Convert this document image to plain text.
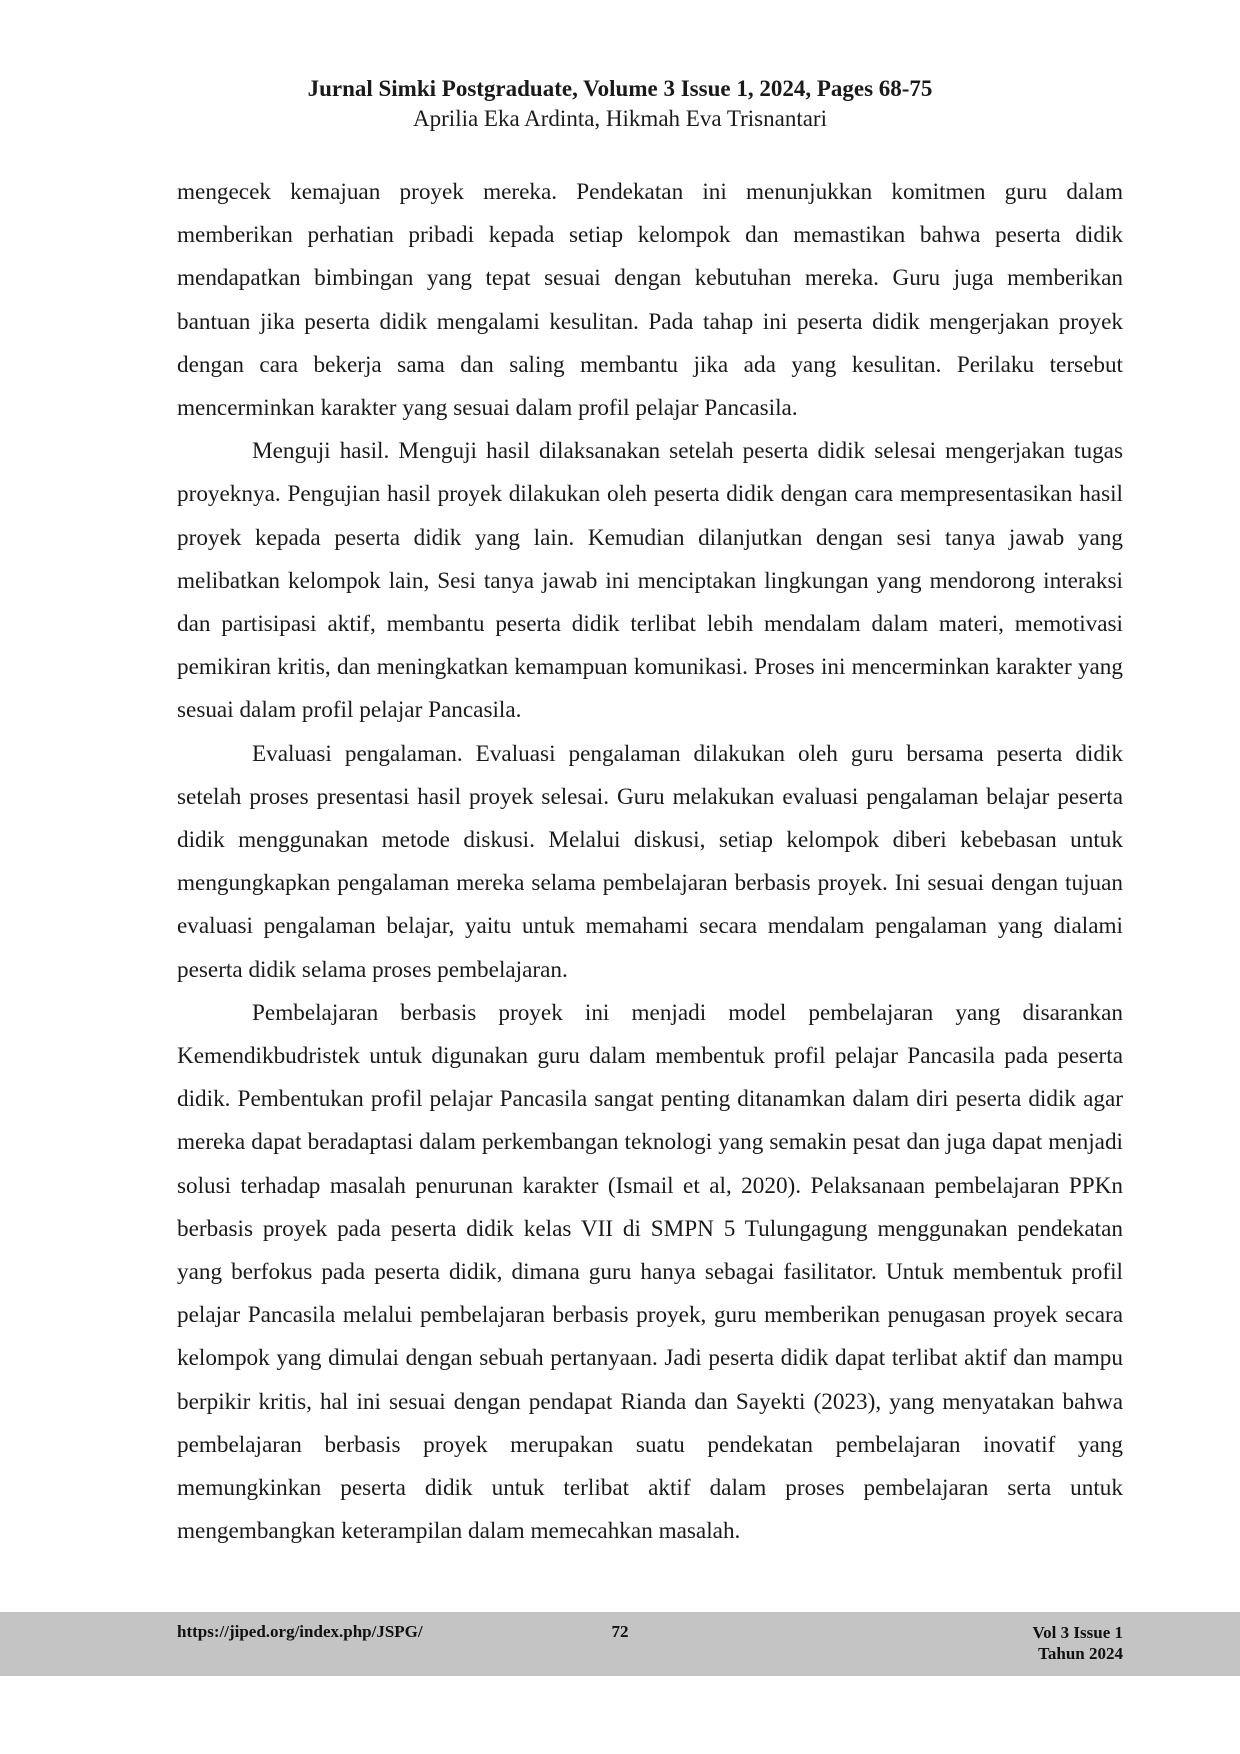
Jurnal Simki Postgraduate, Volume 3 Issue 1, 2024, Pages 68-75
Aprilia Eka Ardinta, Hikmah Eva Trisnantari

mengecek kemajuan proyek mereka. Pendekatan ini menunjukkan komitmen guru dalam memberikan perhatian pribadi kepada setiap kelompok dan memastikan bahwa peserta didik mendapatkan bimbingan yang tepat sesuai dengan kebutuhan mereka. Guru juga memberikan bantuan jika peserta didik mengalami kesulitan. Pada tahap ini peserta didik mengerjakan proyek dengan cara bekerja sama dan saling membantu jika ada yang kesulitan. Perilaku tersebut mencerminkan karakter yang sesuai dalam profil pelajar Pancasila.

Menguji hasil. Menguji hasil dilaksanakan setelah peserta didik selesai mengerjakan tugas proyeknya. Pengujian hasil proyek dilakukan oleh peserta didik dengan cara mempresentasikan hasil proyek kepada peserta didik yang lain. Kemudian dilanjutkan dengan sesi tanya jawab yang melibatkan kelompok lain, Sesi tanya jawab ini menciptakan lingkungan yang mendorong interaksi dan partisipasi aktif, membantu peserta didik terlibat lebih mendalam dalam materi, memotivasi pemikiran kritis, dan meningkatkan kemampuan komunikasi. Proses ini mencerminkan karakter yang sesuai dalam profil pelajar Pancasila.

Evaluasi pengalaman. Evaluasi pengalaman dilakukan oleh guru bersama peserta didik setelah proses presentasi hasil proyek selesai. Guru melakukan evaluasi pengalaman belajar peserta didik menggunakan metode diskusi. Melalui diskusi, setiap kelompok diberi kebebasan untuk mengungkapkan pengalaman mereka selama pembelajaran berbasis proyek. Ini sesuai dengan tujuan evaluasi pengalaman belajar, yaitu untuk memahami secara mendalam pengalaman yang dialami peserta didik selama proses pembelajaran.

Pembelajaran berbasis proyek ini menjadi model pembelajaran yang disarankan Kemendikbudristek untuk digunakan guru dalam membentuk profil pelajar Pancasila pada peserta didik. Pembentukan profil pelajar Pancasila sangat penting ditanamkan dalam diri peserta didik agar mereka dapat beradaptasi dalam perkembangan teknologi yang semakin pesat dan juga dapat menjadi solusi terhadap masalah penurunan karakter (Ismail et al, 2020). Pelaksanaan pembelajaran PPKn berbasis proyek pada peserta didik kelas VII di SMPN 5 Tulungagung menggunakan pendekatan yang berfokus pada peserta didik, dimana guru hanya sebagai fasilitator. Untuk membentuk profil pelajar Pancasila melalui pembelajaran berbasis proyek, guru memberikan penugasan proyek secara kelompok yang dimulai dengan sebuah pertanyaan. Jadi peserta didik dapat terlibat aktif dan mampu berpikir kritis, hal ini sesuai dengan pendapat Rianda dan Sayekti (2023), yang menyatakan bahwa pembelajaran berbasis proyek merupakan suatu pendekatan pembelajaran inovatif yang memungkinkan peserta didik untuk terlibat aktif dalam proses pembelajaran serta untuk mengembangkan keterampilan dalam memecahkan masalah.

https://jiped.org/index.php/JSPG/	72	Vol 3 Issue 1
Tahun 2024
